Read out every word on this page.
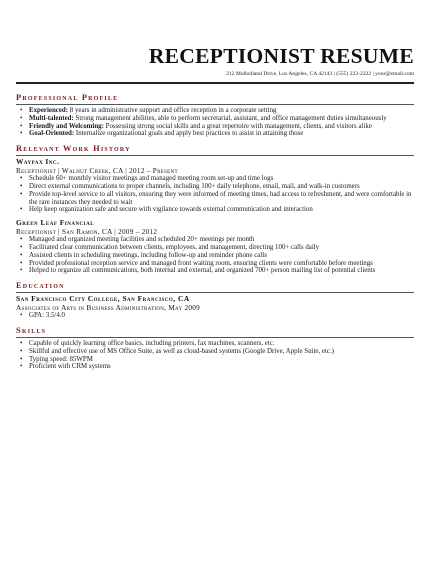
RECEPTIONIST RESUME
212 Mulholland Drive, Los Angeles, CA 42143 | (555) 222-2222 | your@email.com
Professional Profile
• Experienced: 8 years in administrative support and office reception in a corporate setting
• Multi-talented: Strong management abilities, able to perform secretarial, assistant, and office management duties simultaneously
• Friendly and Welcoming: Possessing strong social skills and a great repertoire with management, clients, and visitors alike
• Goal-Oriented: Internalize organizational goals and apply best practices to assist in attaining those
Relevant Work History
Waypax Inc.
Receptionist | Walnut Creek, CA | 2012 – Present
• Schedule 60+ monthly visitor meetings and managed meeting room set-up and time logs
• Direct external communications to proper channels, including 100+ daily telephone, email, mail, and walk-in customers
• Provide top-level service to all visitors, ensuring they were informed of meeting times, had access to refreshment, and were comfortable in the rare instances they needed to wait
• Help keep organization safe and secure with vigilance towards external communication and interaction
Green Leaf Financial
Receptionist | San Ramon, CA | 2009 – 2012
• Managed and organized meeting facilities and scheduled 20+ meetings per month
• Facilitated clear communication between clients, employees, and management, directing 100+ calls daily
• Assisted clients in scheduling meetings, including follow-up and reminder phone calls
• Provided professional reception service and managed front waiting room, ensuring clients were comfortable before meetings
• Helped to organize all communications, both internal and external, and organized 700+ person mailing list of potential clients
Education
San Francisco City College, San Francisco, CA
Associates of Arts in Business Administration, May 2009
• GPA: 3.5/4.0
Skills
• Capable of quickly learning office basics, including printers, fax machines, scanners, etc.
• Skillful and effective use of MS Office Suite, as well as cloud-based systems (Google Drive, Apple Suite, etc.)
• Typing speed: 85WPM
• Proficient with CRM systems
